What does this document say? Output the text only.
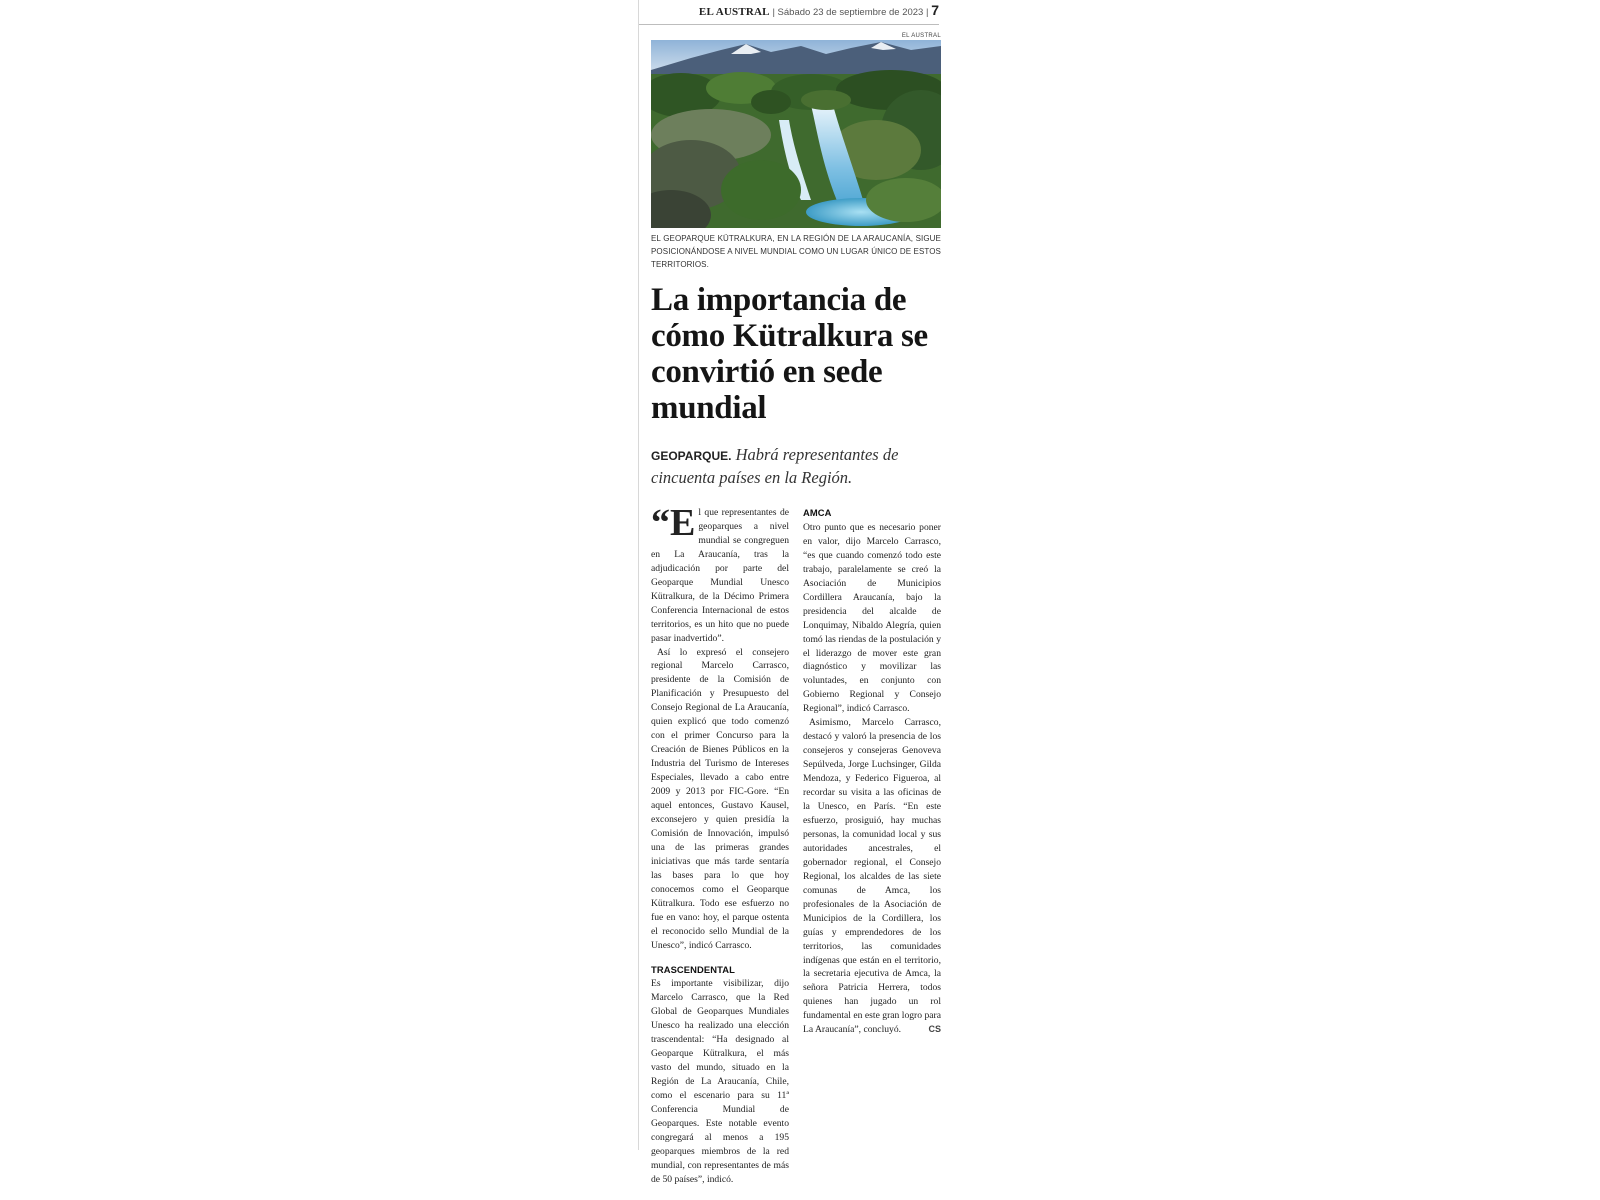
EL AUSTRAL | Sábado 23 de septiembre de 2023 | 7
EL AUSTRAL
EL GEOPARQUE KÜTRALKURA, EN LA REGIÓN DE LA ARAUCANÍA, SIGUE POSICIONÁNDOSE A NIVEL MUNDIAL COMO UN LUGAR ÚNICO DE ESTOS TERRITORIOS.
La importancia de cómo Kütralkura se convirtió en sede mundial
GEOPARQUE. Habrá representantes de cincuenta países en la Región.

“El que representantes de geoparques a nivel mundial se congreguen en La Araucanía, tras la adjudicación por parte del Geoparque Mundial Unesco Kütralkura, de la Décimo Primera Conferencia Internacional de estos territorios, es un hito que no puede pasar inadvertido”.

Así lo expresó el consejero regional Marcelo Carrasco, presidente de la Comisión de Planificación y Presupuesto del Consejo Regional de La Araucanía, quien explicó que todo comenzó con el primer Concurso para la Creación de Bienes Públicos en la Industria del Turismo de Intereses Especiales, llevado a cabo entre 2009 y 2013 por FIC-Gore. “En aquel entonces, Gustavo Kausel, exconsejero y quien presidía la Comisión de Innovación, impulsó una de las primeras grandes iniciativas que más tarde sentaría las bases para lo que hoy conocemos como el Geoparque Kütralkura. Todo ese esfuerzo no fue en vano: hoy, el parque ostenta el reconocido sello Mundial de la Unesco”, indicó Carrasco.

TRASCENDENTAL

Es importante visibilizar, dijo Marcelo Carrasco, que la Red Global de Geoparques Mundiales Unesco ha realizado una elección trascendental: “Ha designado al Geoparque Kütralkura, el más vasto del mundo, situado en la Región de La Araucanía, Chile, como el escenario para su 11ª Conferencia Mundial de Geoparques. Este notable evento congregará al menos a 195 geoparques miembros de la red mundial, con representantes de más de 50 países”, indicó.

AMCA

Otro punto que es necesario poner en valor, dijo Marcelo Carrasco, “es que cuando comenzó todo este trabajo, paralelamente se creó la Asociación de Municipios Cordillera Araucanía, bajo la presidencia del alcalde de Lonquimay, Nibaldo Alegría, quien tomó las riendas de la postulación y el liderazgo de mover este gran diagnóstico y movilizar las voluntades, en conjunto con Gobierno Regional y Consejo Regional”, indicó Carrasco.

Asimismo, Marcelo Carrasco, destacó y valoró la presencia de los consejeros y consejeras Genoveva Sepúlveda, Jorge Luchsinger, Gilda Mendoza, y Federico Figueroa, al recordar su visita a las oficinas de la Unesco, en París. “En este esfuerzo, prosiguió, hay muchas personas, la comunidad local y sus autoridades ancestrales, el gobernador regional, el Consejo Regional, los alcaldes de las siete comunas de Amca, los profesionales de la Asociación de Municipios de la Cordillera, los guías y emprendedores de los territorios, las comunidades indígenas que están en el territorio, la secretaria ejecutiva de Amca, la señora Patricia Herrera, todos quienes han jugado un rol fundamental en este gran logro para La Araucanía”, concluyó.	CS
